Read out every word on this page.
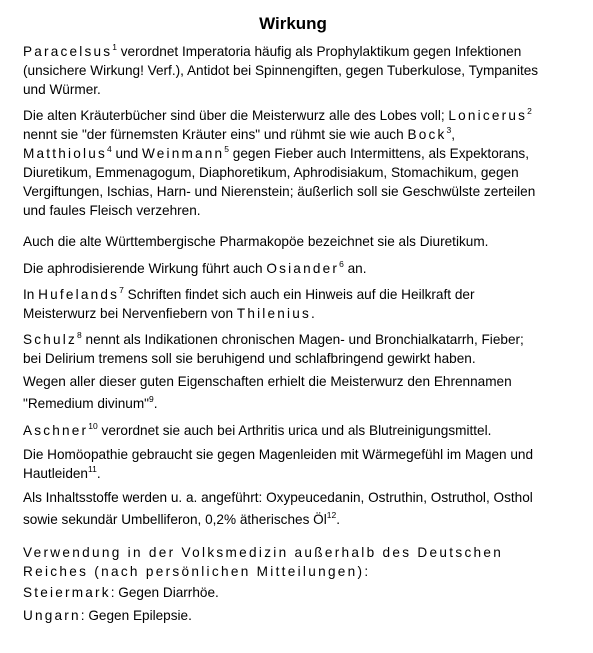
Wirkung

Paracelsus$^1$ verordnet Imperatoria häufig als Prophylaktikum gegen Infektionen
(unsichere Wirkung! Verf.), Antidot bei Spinnengiften, gegen Tuberkulose, Tympanites
und Würmer.

Die alten Kräuterbücher sind über die Meisterwurz alle des Lobes voll; Lonicerus$^2$
nennt sie "der fürnemsten Kräuter eins" und rühmt sie wie auch Bock$^3$,
Matthiolus$^4$ und Weinmann$^5$ gegen Fieber auch Intermittens, als Expektorans,
Diuretikum, Emmenagogum, Diaphoretikum, Aphrodisiakum, Stomachikum, gegen
Vergiftungen, Ischias, Harn- und Nierenstein; äußerlich soll sie Geschwülste zerteilen
und faules Fleisch verzehren.

Auch die alte Württembergische Pharmakopöe bezeichnet sie als Diuretikum.

Die aphrodisierende Wirkung führt auch Osiander$^6$ an.

In Hufelands$^7$ Schriften findet sich auch ein Hinweis auf die Heilkraft der
Meisterwurz bei Nervenfiebern von Thilenius.

Schulz$^8$ nennt als Indikationen chronischen Magen- und Bronchialkatarrh, Fieber;
bei Delirium tremens soll sie beruhigend und schlafbringend gewirkt haben.

Wegen aller dieser guten Eigenschaften erhielt die Meisterwurz den Ehrennamen
"Remedium divinum"$^9$.

Aschner$^{10}$ verordnet sie auch bei Arthritis urica und als Blutreinigungsmittel.

Die Homöopathie gebraucht sie gegen Magenleiden mit Wärmegefühl im Magen und
Hautleiden$^{11}$.

Als Inhaltsstoffe werden u. a. angeführt: Oxypeucedanin, Ostruthin, Ostruthol, Osthol
sowie sekundär Umbelliferon, 0,2% ätherisches $Öl^{12}$.

Verwendung in der Volksmedizin außerhalb des Deutschen
Reiches (nach persönlichen Mitteilungen):

Steiermark: Gegen Diarrhöe.

Ungarn: Gegen Epilepsie.
